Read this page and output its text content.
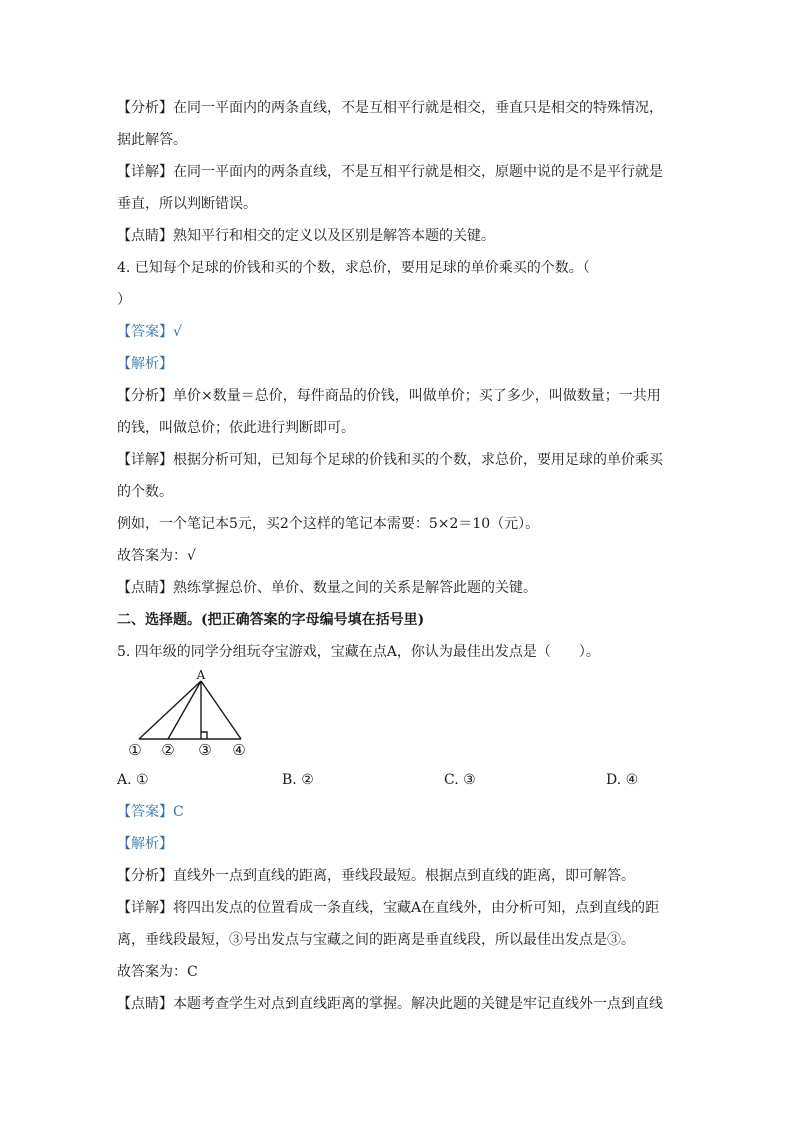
【分析】在同一平面内的两条直线，不是互相平行就是相交，垂直只是相交的特殊情况，
据此解答。
【详解】在同一平面内的两条直线，不是互相平行就是相交，原题中说的是不是平行就是
垂直，所以判断错误。
【点睛】熟知平行和相交的定义以及区别是解答本题的关键。
4. 已知每个足球的价钱和买的个数，求总价，要用足球的单价乘买的个数。（
）
【答案】√
【解析】
【分析】单价×数量＝总价，每件商品的价钱，叫做单价；买了多少，叫做数量；一共用
的钱，叫做总价；依此进行判断即可。
【详解】根据分析可知，已知每个足球的价钱和买的个数，求总价，要用足球的单价乘买
的个数。
例如，一个笔记本5元，买2个这样的笔记本需要：5×2＝10（元）。
故答案为：√
【点睛】熟练掌握总价、单价、数量之间的关系是解答此题的关键。
二、选择题。(把正确答案的字母编号填在括号里)
5. 四年级的同学分组玩夺宝游戏，宝藏在点A，你认为最佳出发点是（　　）。
A
① ② ③ ④
A. ①	B. ②	C. ③	D. ④
【答案】C
【解析】
【分析】直线外一点到直线的距离，垂线段最短。根据点到直线的距离，即可解答。
【详解】将四出发点的位置看成一条直线，宝藏A在直线外，由分析可知，点到直线的距
离，垂线段最短，③号出发点与宝藏之间的距离是垂直线段，所以最佳出发点是③。
故答案为：C
【点睛】本题考查学生对点到直线距离的掌握。解决此题的关键是牢记直线外一点到直线
